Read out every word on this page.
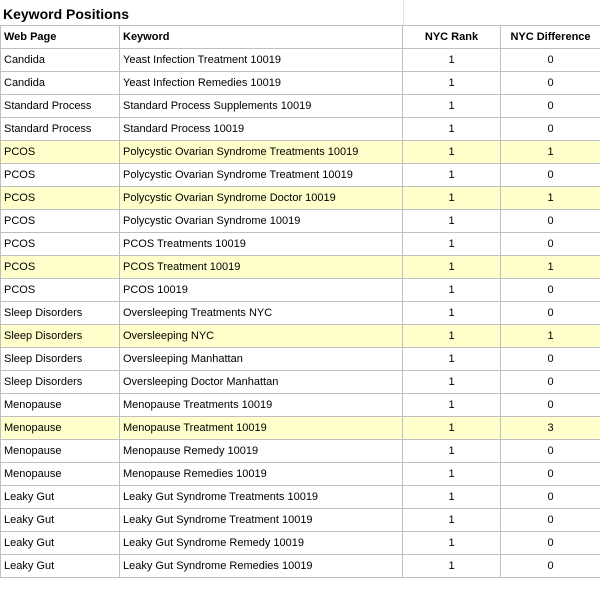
Keyword Positions
Web Page	Keyword	NYC Rank	NYC Difference
Candida	Yeast Infection Treatment 10019	1	0
Candida	Yeast Infection Remedies 10019	1	0
Standard Process	Standard Process Supplements 10019	1	0
Standard Process	Standard Process 10019	1	0
PCOS	Polycystic Ovarian Syndrome Treatments 10019	1	1
PCOS	Polycystic Ovarian Syndrome Treatment 10019	1	0
PCOS	Polycystic Ovarian Syndrome Doctor 10019	1	1
PCOS	Polycystic Ovarian Syndrome 10019	1	0
PCOS	PCOS Treatments 10019	1	0
PCOS	PCOS Treatment 10019	1	1
PCOS	PCOS 10019	1	0
Sleep Disorders	Oversleeping Treatments NYC	1	0
Sleep Disorders	Oversleeping NYC	1	1
Sleep Disorders	Oversleeping Manhattan	1	0
Sleep Disorders	Oversleeping Doctor Manhattan	1	0
Menopause	Menopause Treatments 10019	1	0
Menopause	Menopause Treatment 10019	1	3
Menopause	Menopause Remedy 10019	1	0
Menopause	Menopause Remedies 10019	1	0
Leaky Gut	Leaky Gut Syndrome Treatments 10019	1	0
Leaky Gut	Leaky Gut Syndrome Treatment 10019	1	0
Leaky Gut	Leaky Gut Syndrome Remedy 10019	1	0
Leaky Gut	Leaky Gut Syndrome Remedies 10019	1	0
